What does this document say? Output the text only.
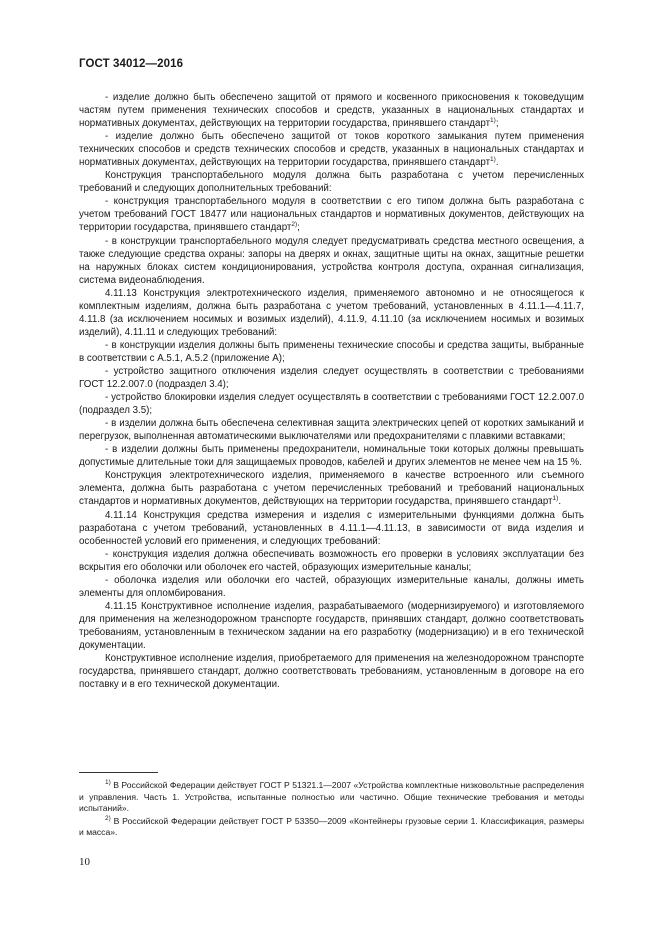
ГОСТ 34012—2016

- изделие должно быть обеспечено защитой от прямого и косвенного прикосновения к токоведущим частям путем применения технических способов и средств, указанных в национальных стандартах и нормативных документах, действующих на территории государства, принявшего стандарт$^{1)}$;

- изделие должно быть обеспечено защитой от токов короткого замыкания путем применения технических способов и средств технических способов и средств, указанных в национальных стандартах и нормативных документах, действующих на территории государства, принявшего стандарт$^{1)}$.

Конструкция транспортабельного модуля должна быть разработана с учетом перечисленных требований и следующих дополнительных требований:

- конструкция транспортабельного модуля в соответствии с его типом должна быть разработана с учетом требований ГОСТ 18477 или национальных стандартов и нормативных документов, действующих на территории государства, принявшего стандарт$^{2)}$;

- в конструкции транспортабельного модуля следует предусматривать средства местного освещения, а также следующие средства охраны: запоры на дверях и окнах, защитные щиты на окнах, защитные решетки на наружных блоках систем кондиционирования, устройства контроля доступа, охранная сигнализация, система видеонаблюдения.

4.11.13 Конструкция электротехнического изделия, применяемого автономно и не относящегося к комплектным изделиям, должна быть разработана с учетом требований, установленных в 4.11.1—4.11.7, 4.11.8 (за исключением носимых и возимых изделий), 4.11.9, 4.11.10 (за исключением носимых и возимых изделий), 4.11.11 и следующих требований:

- в конструкции изделия должны быть применены технические способы и средства защиты, выбранные в соответствии с А.5.1, А.5.2 (приложение А);

- устройство защитного отключения изделия следует осуществлять в соответствии с требованиями ГОСТ 12.2.007.0 (подраздел 3.4);

- устройство блокировки изделия следует осуществлять в соответствии с требованиями ГОСТ 12.2.007.0 (подраздел 3.5);

- в изделии должна быть обеспечена селективная защита электрических цепей от коротких замыканий и перегрузок, выполненная автоматическими выключателями или предохранителями с плавкими вставками;

- в изделии должны быть применены предохранители, номинальные токи которых должны превышать допустимые длительные токи для защищаемых проводов, кабелей и других элементов не менее чем на 15 %.

Конструкция электротехнического изделия, применяемого в качестве встроенного или съемного элемента, должна быть разработана с учетом перечисленных требований и требований национальных стандартов и нормативных документов, действующих на территории государства, принявшего стандарт$^{1)}$.

4.11.14 Конструкция средства измерения и изделия с измерительными функциями должна быть разработана с учетом требований, установленных в 4.11.1—4.11.13, в зависимости от вида изделия и особенностей условий его применения, и следующих требований:

- конструкция изделия должна обеспечивать возможность его проверки в условиях эксплуатации без вскрытия его оболочки или оболочек его частей, образующих измерительные каналы;

- оболочка изделия или оболочки его частей, образующих измерительные каналы, должны иметь элементы для опломбирования.

4.11.15 Конструктивное исполнение изделия, разрабатываемого (модернизируемого) и изготовляемого для применения на железнодорожном транспорте государств, принявших стандарт, должно соответствовать требованиям, установленным в техническом задании на его разработку (модернизацию) и в его технической документации.

Конструктивное исполнение изделия, приобретаемого для применения на железнодорожном транспорте государства, принявшего стандарт, должно соответствовать требованиям, установленным в договоре на его поставку и в его технической документации.

$^{1)}$ В Российской Федерации действует ГОСТ Р 51321.1—2007 «Устройства комплектные низковольтные распределения и управления. Часть 1. Устройства, испытанные полностью или частично. Общие технические требования и методы испытаний».

$^{2)}$ В Российской Федерации действует ГОСТ Р 53350—2009 «Контейнеры грузовые серии 1. Классификация, размеры и масса».

10
